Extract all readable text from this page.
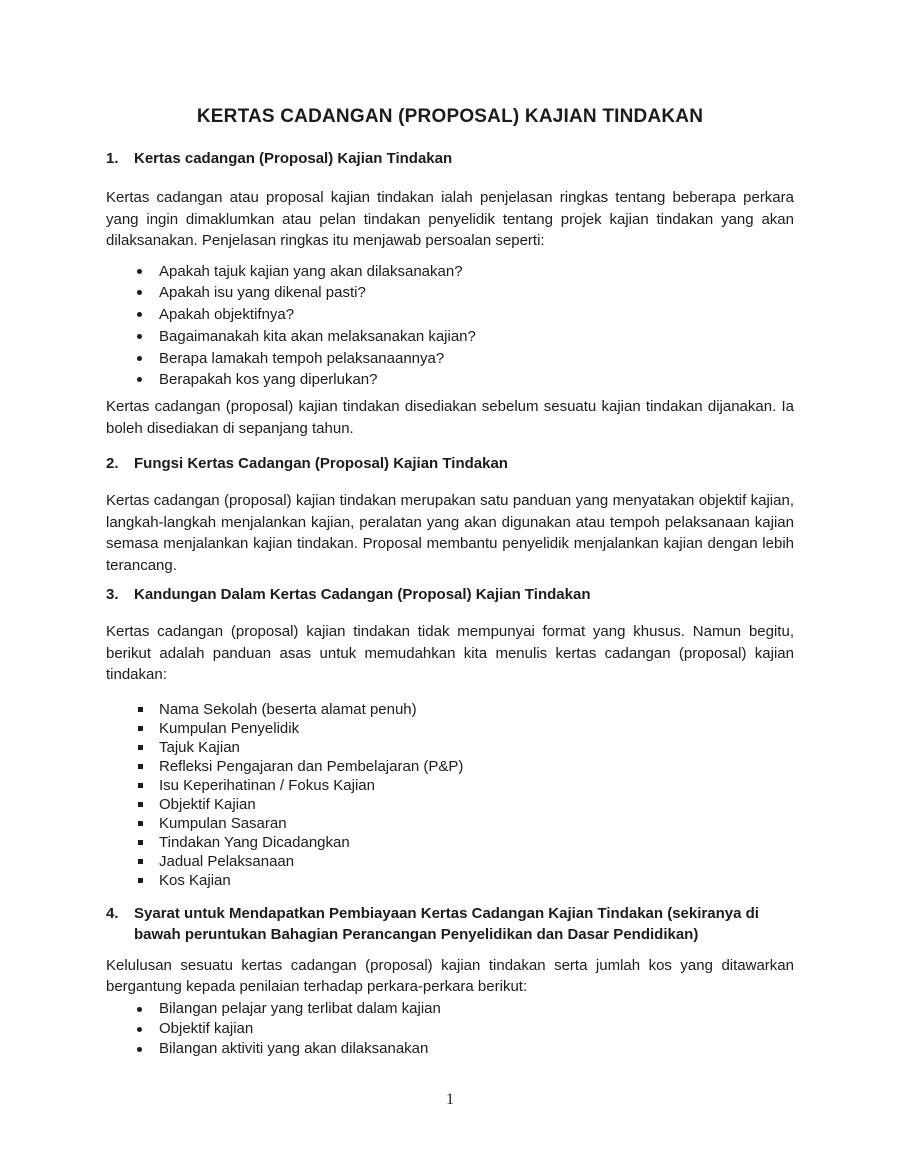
KERTAS CADANGAN (PROPOSAL) KAJIAN TINDAKAN
1.	Kertas cadangan (Proposal) Kajian Tindakan

Kertas cadangan atau proposal kajian tindakan ialah penjelasan ringkas tentang beberapa perkara yang ingin dimaklumkan atau pelan tindakan penyelidik tentang projek kajian tindakan yang akan dilaksanakan. Penjelasan ringkas itu menjawab persoalan seperti:

Apakah tajuk kajian yang akan dilaksanakan?
Apakah isu yang dikenal pasti?
Apakah objektifnya?
Bagaimanakah kita akan melaksanakan kajian?
Berapa lamakah tempoh pelaksanaannya?
Berapakah kos yang diperlukan?

Kertas cadangan (proposal) kajian tindakan disediakan sebelum sesuatu kajian tindakan dijanakan. Ia boleh disediakan di sepanjang tahun.

2.	Fungsi Kertas Cadangan (Proposal) Kajian Tindakan

Kertas cadangan (proposal) kajian tindakan merupakan satu panduan yang menyatakan objektif kajian, langkah-langkah menjalankan kajian, peralatan yang akan digunakan atau tempoh pelaksanaan kajian semasa menjalankan kajian tindakan. Proposal membantu penyelidik menjalankan kajian dengan lebih terancang.

3.	Kandungan Dalam Kertas Cadangan (Proposal) Kajian Tindakan

Kertas cadangan (proposal) kajian tindakan tidak mempunyai format yang khusus. Namun begitu, berikut adalah panduan asas untuk memudahkan kita menulis kertas cadangan (proposal) kajian tindakan:

Nama Sekolah (beserta alamat penuh)
Kumpulan Penyelidik
Tajuk Kajian
Refleksi Pengajaran dan Pembelajaran (P&P)
Isu Keperihatinan / Fokus Kajian
Objektif Kajian
Kumpulan Sasaran
Tindakan Yang Dicadangkan
Jadual Pelaksanaan
Kos Kajian
4.	Syarat untuk Mendapatkan Pembiayaan Kertas Cadangan Kajian Tindakan (sekiranya di bawah peruntukan Bahagian Perancangan Penyelidikan dan Dasar Pendidikan)

Kelulusan sesuatu kertas cadangan (proposal) kajian tindakan serta jumlah kos yang ditawarkan bergantung kepada penilaian terhadap perkara-perkara berikut:

Bilangan pelajar yang terlibat dalam kajian
Objektif kajian
Bilangan aktiviti yang akan dilaksanakan
1
